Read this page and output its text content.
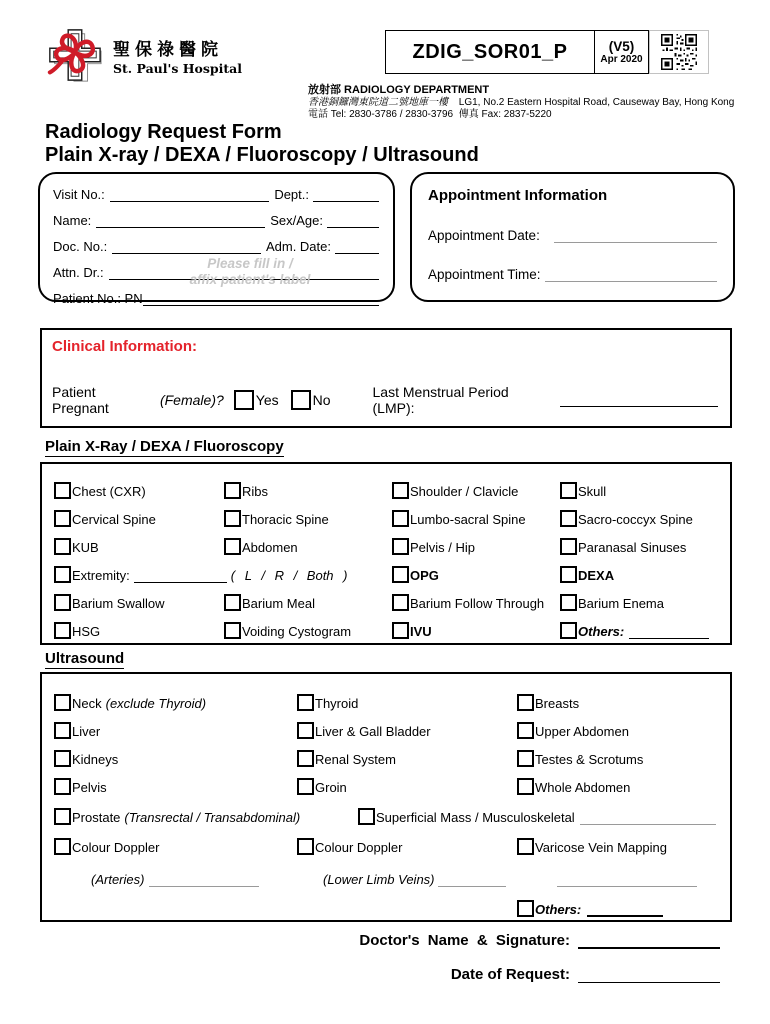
聖保祿醫院
St. Paul's Hospital
ZDIG_SOR01_P	(V5)
Apr 2020
放射部 RADIOLOGY DEPARTMENT
香港銅鑼灣東院道二號地庫一樓 LG1, No.2 Eastern Hospital Road, Causeway Bay, Hong Kong
電話 Tel: 2830-3786 / 2830-3796 傳真 Fax: 2837-5220
Radiology Request Form
Plain X-ray / DEXA / Fluoroscopy / Ultrasound
Visit No.:	Dept.:
Name:	Sex/Age:
Doc. No.:	Adm. Date:
Attn. Dr.:
Patient No.: PN
Please fill in /
affix patient's label
Appointment Information
Appointment Date:
Appointment Time:
Clinical Information:
Patient Pregnant	(Female)? Yes No	Last Menstrual Period (LMP):
Plain X-Ray / DEXA / Fluoroscopy
Chest (CXR)	Ribs	Shoulder / Clavicle	Skull
Cervical Spine	Thoracic Spine	Lumbo-sacral Spine	Sacro-coccyx Spine
KUB	Abdomen	Pelvis / Hip	Paranasal Sinuses
Extremity:	( L / R / Both )	OPG	DEXA
Barium Swallow	Barium Meal	Barium Follow Through	Barium Enema
HSG	Voiding Cystogram	IVU	Others:
Ultrasound
Neck (exclude Thyroid)	Thyroid	Breasts
Liver	Liver & Gall Bladder	Upper Abdomen
Kidneys	Renal System	Testes & Scrotums
Pelvis	Groin	Whole Abdomen
Prostate (Transrectal / Transabdominal)	Superficial Mass / Musculoskeletal
Colour Doppler	Colour Doppler	Varicose Vein Mapping
(Arteries)	(Lower Limb Veins)
Others:
Doctor's Name & Signature:
Date of Request:
